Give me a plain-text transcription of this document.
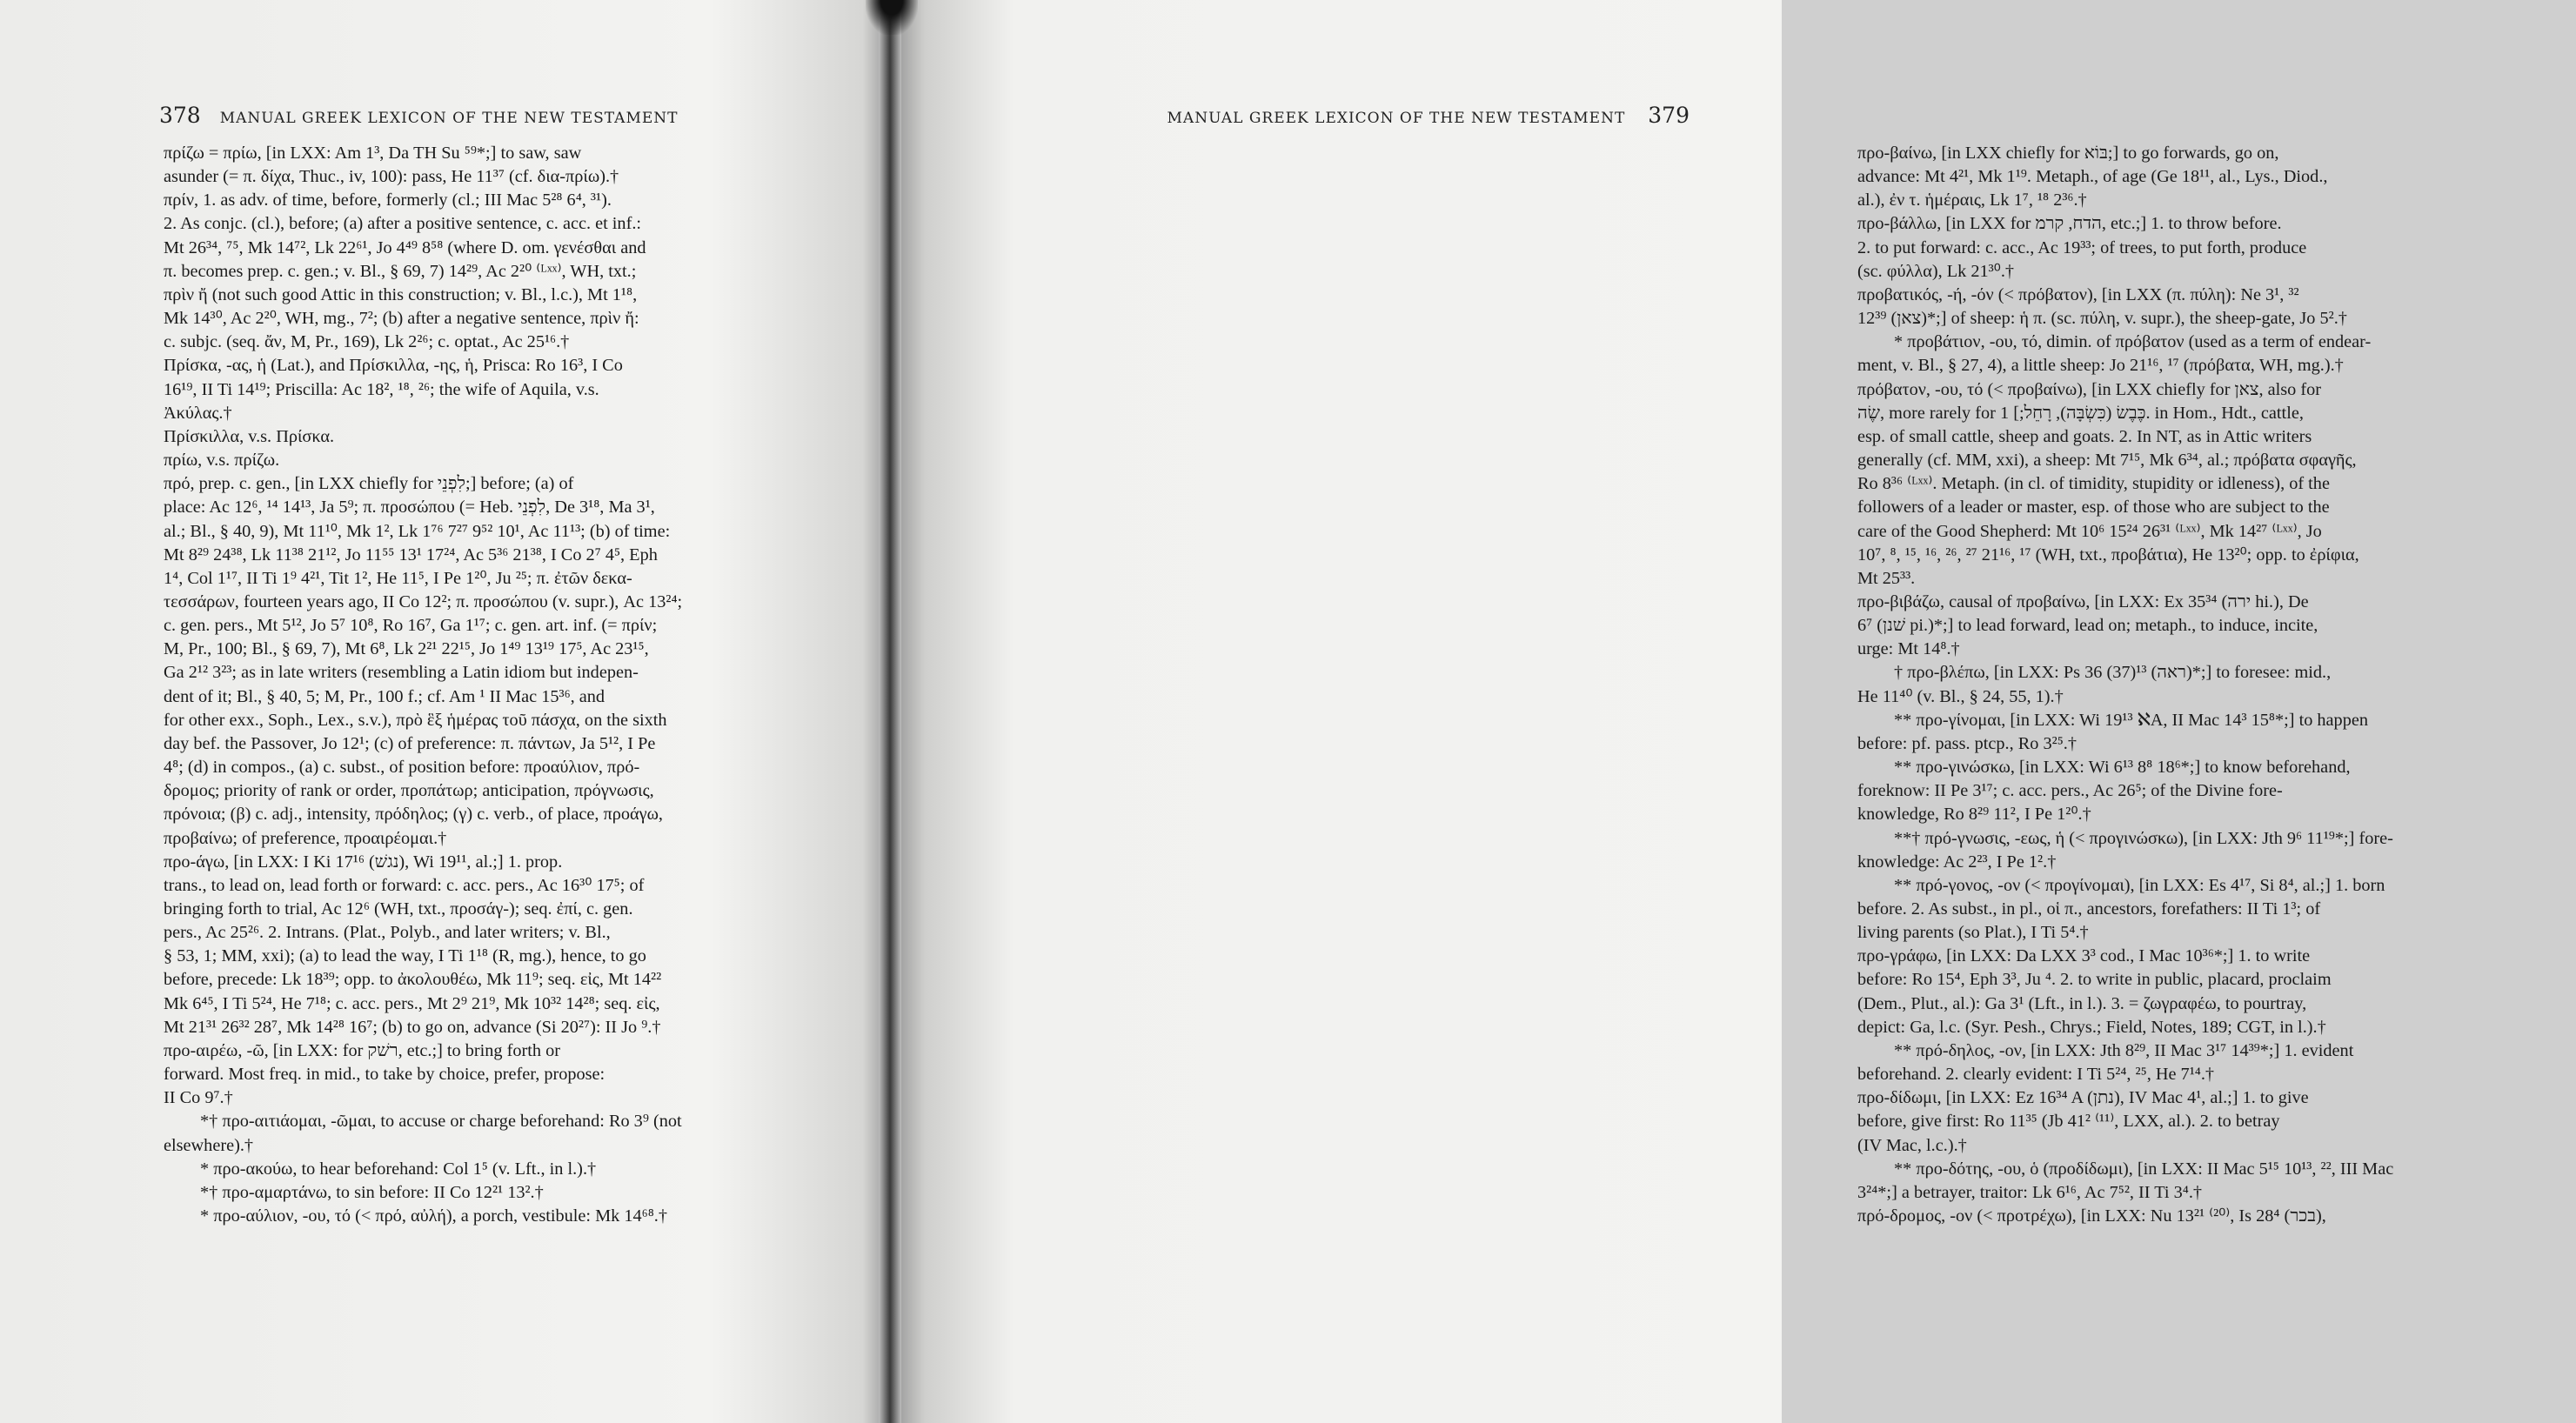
378 MANUAL GREEK LEXICON OF THE NEW TESTAMENT
πρίζω = πρίω, [in LXX: Am 1³, Da ΤΗ Su ⁵⁹*;] to saw, saw
asunder (= π. δίχα, Thuc., iv, 100): pass, He 11³⁷ (cf. δια-πρίω).†
πρίν, 1. as adv. of time, before, formerly (cl.; III Mac 5²⁸ 6⁴, ³¹).
2. As conjc. (cl.), before; (a) after a positive sentence, c. acc. et inf.:
Mt 26³⁴, ⁷⁵, Mk 14⁷², Lk 22⁶¹, Jo 4⁴⁹ 8⁵⁸ (where D. om. γενέσθαι and
π. becomes prep. c. gen.; v. Bl., § 69, 7) 14²⁹, Ac 2²⁰ ⁽ᴸˣˣ⁾, WH, txt.;
πρὶν ἤ (not such good Attic in this construction; v. Bl., l.c.), Mt 1¹⁸,
Mk 14³⁰, Ac 2²⁰, WH, mg., 7²; (b) after a negative sentence, πρὶν ἤ:
c. subjc. (seq. ἄν, M, Pr., 169), Lk 2²⁶; c. optat., Ac 25¹⁶.†
Πρίσκα, -ας, ἡ (Lat.), and Πρίσκιλλα, -ης, ἡ, Prisca: Ro 16³, I Co
16¹⁹, II Ti 14¹⁹; Priscilla: Ac 18², ¹⁸, ²⁶; the wife of Aquila, v.s.
Ἀκύλας.†
Πρίσκιλλα, v.s. Πρίσκα.
πρίω, v.s. πρίζω.
πρό, prep. c. gen., [in LXX chiefly for לִפְנֵי;] before; (a) of
place: Ac 12⁶, ¹⁴ 14¹³, Ja 5⁹; π. προσώπου (= Heb. לִפְנֵי, De 3¹⁸, Ma 3¹,
al.; Bl., § 40, 9), Mt 11¹⁰, Mk 1², Lk 1⁷⁶ 7²⁷ 9⁵² 10¹, Ac 11¹³; (b) of time:
Mt 8²⁹ 24³⁸, Lk 11³⁸ 21¹², Jo 11⁵⁵ 13¹ 17²⁴, Ac 5³⁶ 21³⁸, I Co 2⁷ 4⁵, Eph
1⁴, Col 1¹⁷, II Ti 1⁹ 4²¹, Tit 1², He 11⁵, I Pe 1²⁰, Ju ²⁵; π. ἐτῶν δεκα-
τεσσάρων, fourteen years ago, II Co 12²; π. προσώπου (v. supr.), Ac 13²⁴;
c. gen. pers., Mt 5¹², Jo 5⁷ 10⁸, Ro 16⁷, Ga 1¹⁷; c. gen. art. inf. (= πρίν;
M, Pr., 100; Bl., § 69, 7), Mt 6⁸, Lk 2²¹ 22¹⁵, Jo 1⁴⁹ 13¹⁹ 17⁵, Ac 23¹⁵,
Ga 2¹² 3²³; as in late writers (resembling a Latin idiom but indepen-
dent of it; Bl., § 40, 5; M, Pr., 100 f.; cf. Am ¹ II Mac 15³⁶, and
for other exx., Soph., Lex., s.v.), πρὸ ἓξ ἡμέρας τοῦ πάσχα, on the sixth
day bef. the Passover, Jo 12¹; (c) of preference: π. πάντων, Ja 5¹², I Pe
4⁸; (d) in compos., (a) c. subst., of position before: προαύλιον, πρό-
δρομος; priority of rank or order, προπάτωρ; anticipation, πρόγνωσις,
πρόνοια; (β) c. adj., intensity, πρόδηλος; (γ) c. verb., of place, προάγω,
προβαίνω; of preference, προαιρέομαι.†
προ-άγω, [in LXX: I Ki 17¹⁶ (נגשׁ), Wi 19¹¹, al.;] 1. prop.
trans., to lead on, lead forth or forward: c. acc. pers., Ac 16³⁰ 17⁵; of
bringing forth to trial, Ac 12⁶ (WH, txt., προσάγ-); seq. ἐπί, c. gen.
pers., Ac 25²⁶. 2. Intrans. (Plat., Polyb., and later writers; v. Bl.,
§ 53, 1; MM, xxi); (a) to lead the way, I Ti 1¹⁸ (R, mg.), hence, to go
before, precede: Lk 18³⁹; opp. to ἀκολουθέω, Mk 11⁹; seq. εἰς, Mt 14²²
Mk 6⁴⁵, I Ti 5²⁴, He 7¹⁸; c. acc. pers., Mt 2⁹ 21⁹, Mk 10³² 14²⁸; seq. εἰς,
Mt 21³¹ 26³² 28⁷, Mk 14²⁸ 16⁷; (b) to go on, advance (Si 20²⁷): II Jo ⁹.†
προ-αιρέω, -ῶ, [in LXX: for רשׁק, etc.;] to bring forth or
forward. Most freq. in mid., to take by choice, prefer, propose:
II Co 9⁷.†
*† προ-αιτιάομαι, -ῶμαι, to accuse or charge beforehand: Ro 3⁹ (not
elsewhere).†
* προ-ακούω, to hear beforehand: Col 1⁵ (v. Lft., in l.).†
*† προ-αμαρτάνω, to sin before: II Co 12²¹ 13².†
* προ-αύλιον, -ου, τό (< πρό, αὐλή), a porch, vestibule: Mk 14⁶⁸.†
MANUAL GREEK LEXICON OF THE NEW TESTAMENT 379
προ-βαίνω, [in LXX chiefly for בּוֹא;] to go forwards, go on,
advance: Mt 4²¹, Mk 1¹⁹. Metaph., of age (Ge 18¹¹, al., Lys., Diod.,
al.), ἐν τ. ἡμέραις, Lk 1⁷, ¹⁸ 2³⁶.†
προ-βάλλω, [in LXX for הדח, קרמ, etc.;] 1. to throw before.
2. to put forward: c. acc., Ac 19³³; of trees, to put forth, produce
(sc. φύλλα), Lk 21³⁰.†
προβατικός, -ή, -όν (< πρόβατον), [in LXX (π. πύλη): Ne 3¹, ³²
12³⁹ (צאן)*;] of sheep: ἡ π. (sc. πύλη, v. supr.), the sheep-gate, Jo 5².†
* προβάτιον, -ου, τό, dimin. of πρόβατον (used as a term of endear-
ment, v. Bl., § 27, 4), a little sheep: Jo 21¹⁶, ¹⁷ (πρόβατα, WH, mg.).†
πρόβατον, -ου, τό (< προβαίνω), [in LXX chiefly for צאן, also for
שֶׂה, more rarely for כֶּבֶשׂ (כִּשְׂבָּה), רָחֵל;] 1. in Hom., Hdt., cattle,
esp. of small cattle, sheep and goats. 2. In NT, as in Attic writers
generally (cf. MM, xxi), a sheep: Mt 7¹⁵, Mk 6³⁴, al.; πρόβατα σφαγῆς,
Ro 8³⁶ ⁽ᴸˣˣ⁾. Metaph. (in cl. of timidity, stupidity or idleness), of the
followers of a leader or master, esp. of those who are subject to the
care of the Good Shepherd: Mt 10⁶ 15²⁴ 26³¹ ⁽ᴸˣˣ⁾, Mk 14²⁷ ⁽ᴸˣˣ⁾, Jo
10⁷, ⁸, ¹⁵, ¹⁶, ²⁶, ²⁷ 21¹⁶, ¹⁷ (WH, txt., προβάτια), He 13²⁰; opp. to ἐρίφια,
Mt 25³³.
προ-βιβάζω, causal of προβαίνω, [in LXX: Ex 35³⁴ (ירה hi.), De
6⁷ (שׁנן pi.)*;] to lead forward, lead on; metaph., to induce, incite,
urge: Mt 14⁸.†
† προ-βλέπω, [in LXX: Ps 36 (37)¹³ (ראה)*;] to foresee: mid.,
He 11⁴⁰ (v. Bl., § 24, 55, 1).†
** προ-γίνομαι, [in LXX: Wi 19¹³ ℵA, II Mac 14³ 15⁸*;] to happen
before: pf. pass. ptcp., Ro 3²⁵.†
** προ-γινώσκω, [in LXX: Wi 6¹³ 8⁸ 18⁶*;] to know beforehand,
foreknow: II Pe 3¹⁷; c. acc. pers., Ac 26⁵; of the Divine fore-
knowledge, Ro 8²⁹ 11², I Pe 1²⁰.†
**† πρό-γνωσις, -εως, ἡ (< προγινώσκω), [in LXX: Jth 9⁶ 11¹⁹*;] fore-
knowledge: Ac 2²³, I Pe 1².†
** πρό-γονος, -ον (< προγίνομαι), [in LXX: Es 4¹⁷, Si 8⁴, al.;] 1. born
before. 2. As subst., in pl., οἱ π., ancestors, forefathers: II Ti 1³; of
living parents (so Plat.), I Ti 5⁴.†
προ-γράφω, [in LXX: Da LXX 3³ cod., I Mac 10³⁶*;] 1. to write
before: Ro 15⁴, Eph 3³, Ju ⁴. 2. to write in public, placard, proclaim
(Dem., Plut., al.): Ga 3¹ (Lft., in l.). 3. = ζωγραφέω, to pourtray,
depict: Ga, l.c. (Syr. Pesh., Chrys.; Field, Notes, 189; CGT, in l.).†
** πρό-δηλος, -ον, [in LXX: Jth 8²⁹, II Mac 3¹⁷ 14³⁹*;] 1. evident
beforehand. 2. clearly evident: I Ti 5²⁴, ²⁵, He 7¹⁴.†
προ-δίδωμι, [in LXX: Ez 16³⁴ A (נתן), IV Mac 4¹, al.;] 1. to give
before, give first: Ro 11³⁵ (Jb 41² ⁽¹¹⁾, LXX, al.). 2. to betray
(IV Mac, l.c.).†
** προ-δότης, -ου, ὁ (προδίδωμι), [in LXX: II Mac 5¹⁵ 10¹³, ²², III Mac
3²⁴*;] a betrayer, traitor: Lk 6¹⁶, Ac 7⁵², II Ti 3⁴.†
πρό-δρομος, -ον (< προτρέχω), [in LXX: Nu 13²¹ ⁽²⁰⁾, Is 28⁴ (בכר),
